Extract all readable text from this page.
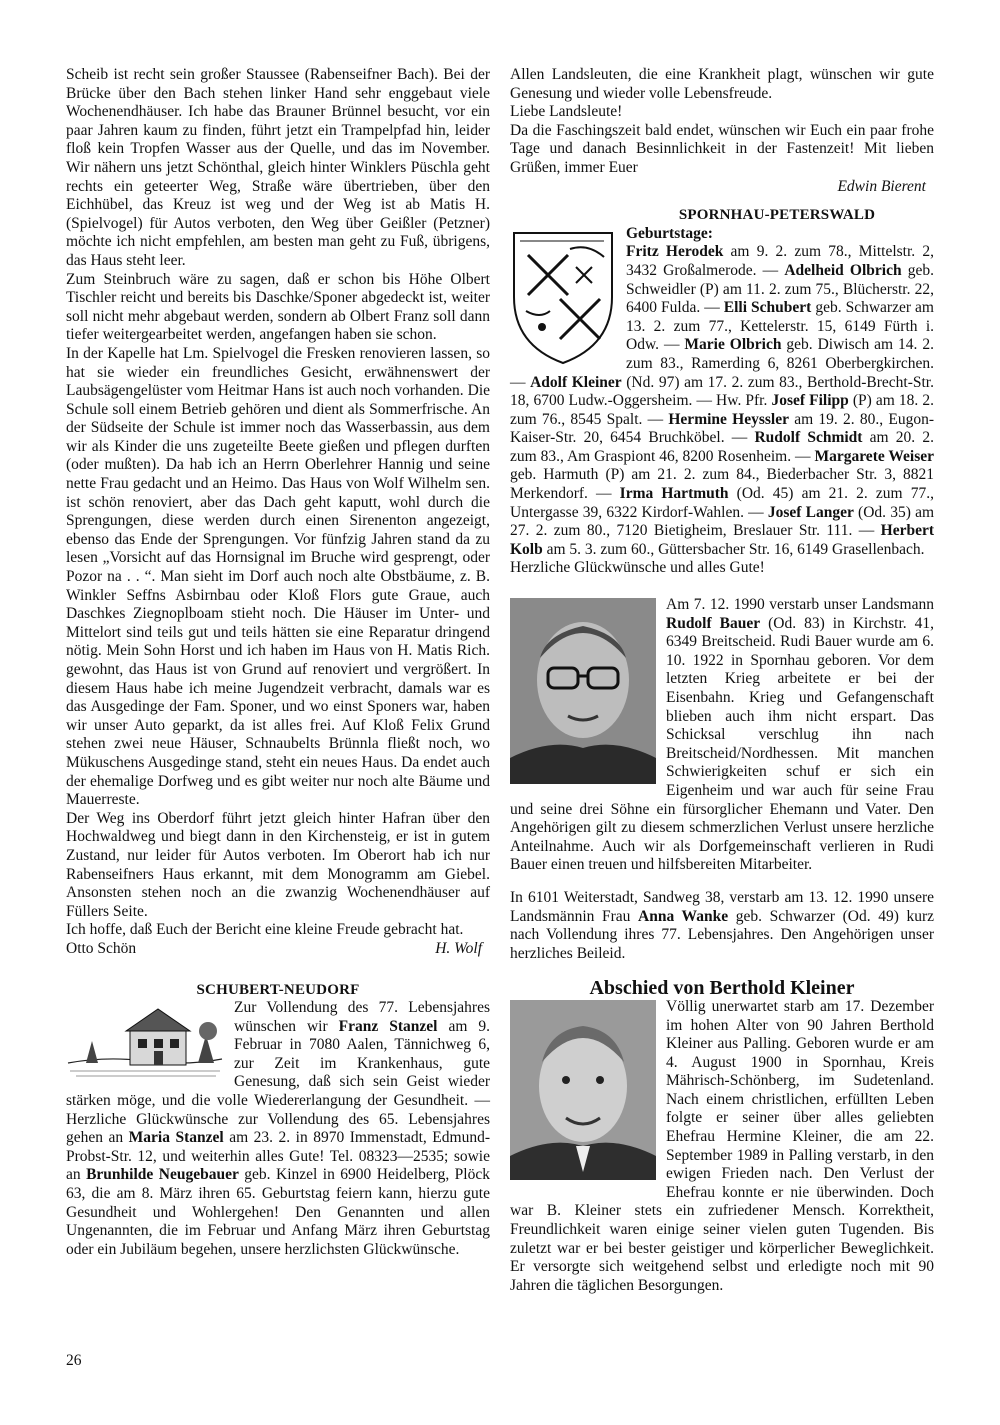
Scheib ist recht sein großer Staussee (Rabenseifner Bach). Bei der Brücke über den Bach stehen linker Hand sehr enggebaut viele Wochenendhäuser. Ich habe das Brauner Brünnel besucht, vor ein paar Jahren kaum zu finden, führt jetzt ein Trampelpfad hin, leider floß kein Tropfen Wasser aus der Quelle, und das im November. Wir nähern uns jetzt Schönthal, gleich hinter Winklers Püschla geht rechts ein geteerter Weg, Straße wäre übertrieben, über den Eichhübel, das Kreuz ist weg und der Weg ist ab Matis H. (Spielvogel) für Autos verboten, den Weg über Geißler (Petzner) möchte ich nicht empfehlen, am besten man geht zu Fuß, übrigens, das Haus steht leer.

Zum Steinbruch wäre zu sagen, daß er schon bis Höhe Olbert Tischler reicht und bereits bis Daschke/Sponer abgedeckt ist, weiter soll nicht mehr abgebaut werden, sondern ab Olbert Franz soll dann tiefer weitergearbeitet werden, angefangen haben sie schon.

In der Kapelle hat Lm. Spielvogel die Fresken renovieren lassen, so hat sie wieder ein freundliches Gesicht, erwähnenswert der Laubsägengelüster vom Heitmar Hans ist auch noch vorhanden. Die Schule soll einem Betrieb gehören und dient als Sommerfrische. An der Südseite der Schule ist immer noch das Wasserbassin, aus dem wir als Kinder die uns zugeteilte Beete gießen und pflegen durften (oder mußten). Da hab ich an Herrn Oberlehrer Hannig und seine nette Frau gedacht und an Heimo. Das Haus von Wolf Wilhelm sen. ist schön renoviert, aber das Dach geht kaputt, wohl durch die Sprengungen, diese werden durch einen Sirenenton angezeigt, ebenso das Ende der Sprengungen. Vor fünfzig Jahren stand da zu lesen „Vorsicht auf das Hornsignal im Bruche wird gesprengt, oder Pozor na . . “. Man sieht im Dorf auch noch alte Obstbäume, z. B. Winkler Seffns Asbirnbau oder Kloß Flors gute Graue, auch Daschkes Ziegnoplboam stieht noch. Die Häuser im Unter- und Mittelort sind teils gut und teils hätten sie eine Reparatur dringend nötig. Mein Sohn Horst und ich haben im Haus von H. Matis Rich. gewohnt, das Haus ist von Grund auf renoviert und vergrößert. In diesem Haus habe ich meine Jugendzeit verbracht, damals war es das Ausgedinge der Fam. Sponer, und wo einst Sponers war, haben wir unser Auto geparkt, da ist alles frei. Auf Kloß Felix Grund stehen zwei neue Häuser, Schnaubelts Brünnla fließt noch, wo Mükuschens Ausgedinge stand, steht ein neues Haus. Da endet auch der ehemalige Dorfweg und es gibt weiter nur noch alte Bäume und Mauerreste.

Der Weg ins Oberdorf führt jetzt gleich hinter Hafran über den Hochwaldweg und biegt dann in den Kirchensteig, er ist in gutem Zustand, nur leider für Autos verboten. Im Oberort hab ich nur Rabenseifners Haus erkannt, mit dem Monogramm am Giebel. Ansonsten stehen noch an die zwanzig Wochenendhäuser auf Füllers Seite.

Ich hoffe, daß Euch der Bericht eine kleine Freude gebracht hat.

Otto Schön	H. Wolf

SCHUBERT-NEUDORF

Zur Vollendung des 77. Lebensjahres wünschen wir Franz Stanzel am 9. Februar in 7080 Aalen, Tännichweg 6, zur Zeit im Krankenhaus, gute Genesung, daß sich sein Geist wieder stärken möge, und die volle Wiedererlangung der Gesundheit. — Herzliche Glückwünsche zur Vollendung des 65. Lebensjahres gehen an Maria Stanzel am 23. 2. in 8970 Immenstadt, Edmund-Probst-Str. 12, und weiterhin alles Gute! Tel. 08323—2535; sowie an Brunhilde Neugebauer geb. Kinzel in 6900 Heidelberg, Plöck 63, die am 8. März ihren 65. Geburtstag feiern kann, hierzu gute Gesundheit und Wohlergehen! Den Genannten und allen Ungenannten, die im Februar und Anfang März ihren Geburtstag oder ein Jubiläum begehen, unsere herzlichsten Glückwünsche.

Allen Landsleuten, die eine Krankheit plagt, wünschen wir gute Genesung und wieder volle Lebensfreude.

Liebe Landsleute!

Da die Faschingszeit bald endet, wünschen wir Euch ein paar frohe Tage und danach Besinnlichkeit in der Fastenzeit! Mit lieben Grüßen, immer Euer

Edwin Bierent

SPORNHAU-PETERSWALD

Geburtstage:
Fritz Herodek am 9. 2. zum 78., Mittelstr. 2, 3432 Großalmerode. — Adelheid Olbrich geb. Schweidler (P) am 11. 2. zum 75., Blücherstr. 22, 6400 Fulda. — Elli Schubert geb. Schwarzer am 13. 2. zum 77., Kettelerstr. 15, 6149 Fürth i. Odw. — Marie Olbrich geb. Diwisch am 14. 2. zum 83., Ramerding 6, 8261 Oberbergkirchen. — Adolf Kleiner (Nd. 97) am 17. 2. zum 83., Berthold-Brecht-Str. 18, 6700 Ludw.-Oggersheim. — Hw. Pfr. Josef Filipp (P) am 18. 2. zum 76., 8545 Spalt. — Hermine Heyssler am 19. 2. 80., Eugon-Kaiser-Str. 20, 6454 Bruchköbel. — Rudolf Schmidt am 20. 2. zum 83., Am Graspiont 46, 8200 Rosenheim. — Margarete Weiser geb. Harmuth (P) am 21. 2. zum 84., Biederbacher Str. 3, 8821 Merkendorf. — Irma Hartmuth (Od. 45) am 21. 2. zum 77., Untergasse 39, 6322 Kirdorf-Wahlen. — Josef Langer (Od. 35) am 27. 2. zum 80., 7120 Bietigheim, Breslauer Str. 111. — Herbert Kolb am 5. 3. zum 60., Güttersbacher Str. 16, 6149 Grasellenbach.
Herzliche Glückwünsche und alles Gute!

Am 7. 12. 1990 verstarb unser Landsmann Rudolf Bauer (Od. 83) in Kirchstr. 41, 6349 Breitscheid. Rudi Bauer wurde am 6. 10. 1922 in Spornhau geboren. Vor dem letzten Krieg arbeitete er bei der Eisenbahn. Krieg und Gefangenschaft blieben auch ihm nicht erspart. Das Schicksal verschlug ihn nach Breitscheid/Nordhessen. Mit manchen Schwierigkeiten schuf er sich ein Eigenheim und war auch für seine Frau und seine drei Söhne ein fürsorglicher Ehemann und Vater. Den Angehörigen gilt zu diesem schmerzlichen Verlust unsere herzliche Anteilnahme. Auch wir als Dorfgemeinschaft verlieren in Rudi Bauer einen treuen und hilfsbereiten Mitarbeiter.

In 6101 Weiterstadt, Sandweg 38, verstarb am 13. 12. 1990 unsere Landsmännin Frau Anna Wanke geb. Schwarzer (Od. 49) kurz nach Vollendung ihres 77. Lebensjahres. Den Angehörigen unser herzliches Beileid.

Abschied von Berthold Kleiner

Völlig unerwartet starb am 17. Dezember im hohen Alter von 90 Jahren Berthold Kleiner aus Palling. Geboren wurde er am 4. August 1900 in Spornhau, Kreis Mährisch-Schönberg, im Sudetenland. Nach einem christlichen, erfüllten Leben folgte er seiner über alles geliebten Ehefrau Hermine Kleiner, die am 22. September 1989 in Palling verstarb, in den ewigen Frieden nach. Den Verlust der Ehefrau konnte er nie überwinden. Doch war B. Kleiner stets ein zufriedener Mensch. Korrektheit, Freundlichkeit waren einige seiner vielen guten Tugenden. Bis zuletzt war er bei bester geistiger und körperlicher Beweglichkeit. Er versorgte sich weitgehend selbst und erledigte noch mit 90 Jahren die täglichen Besorgungen.

26
